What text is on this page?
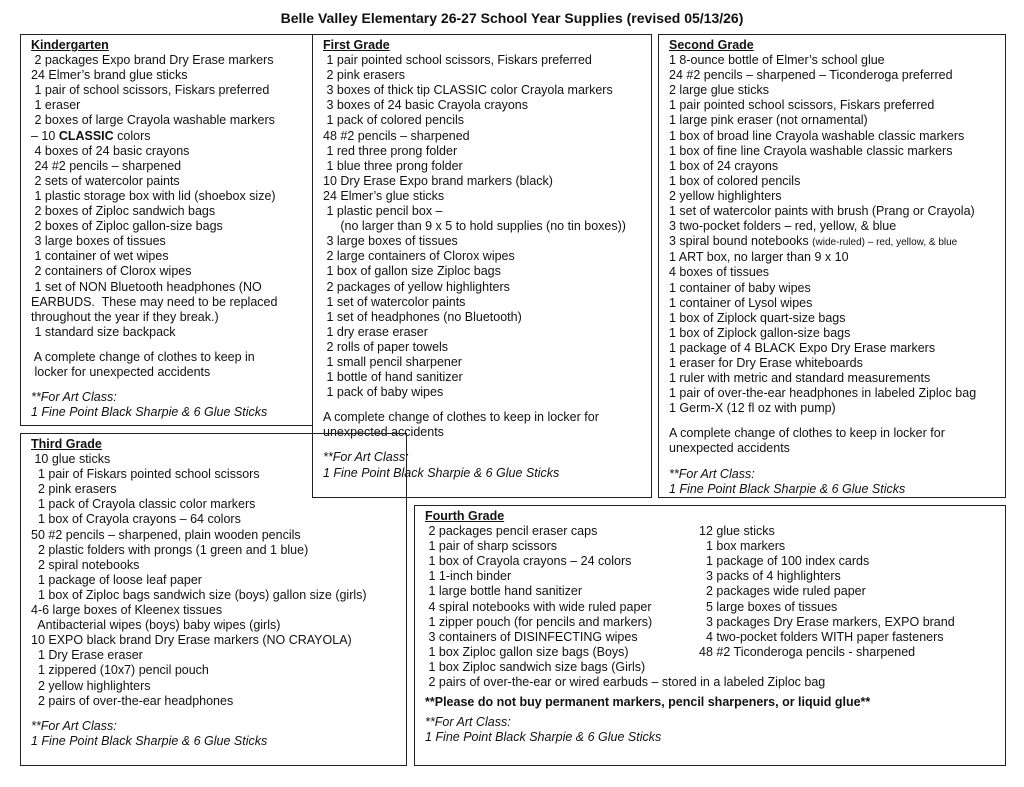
Belle Valley Elementary 26-27 School Year Supplies (revised 05/13/26)
Kindergarten
2 packages Expo brand Dry Erase markers
24 Elmer’s brand glue sticks
1 pair of school scissors, Fiskars preferred
1 eraser
2 boxes of large Crayola washable markers
– 10 CLASSIC colors
4 boxes of 24 basic crayons
24 #2 pencils – sharpened
2 sets of watercolor paints
1 plastic storage box with lid (shoebox size)
2 boxes of Ziploc sandwich bags
2 boxes of Ziploc gallon-size bags
3 large boxes of tissues
1 container of wet wipes
2 containers of Clorox wipes
1 set of NON Bluetooth headphones (NO
EARBUDS.  These may need to be replaced
throughout the year if they break.)
1 standard size backpack
A complete change of clothes to keep in
locker for unexpected accidents
**For Art Class:
1 Fine Point Black Sharpie & 6 Glue Sticks
First Grade
1 pair pointed school scissors, Fiskars preferred
2 pink erasers
3 boxes of thick tip CLASSIC color Crayola markers
3 boxes of 24 basic Crayola crayons
1 pack of colored pencils
48 #2 pencils – sharpened
1 red three prong folder
1 blue three prong folder
10 Dry Erase Expo brand markers (black)
24 Elmer’s glue sticks
1 plastic pencil box –
(no larger than 9 x 5 to hold supplies (no tin boxes))
3 large boxes of tissues
2 large containers of Clorox wipes
1 box of gallon size Ziploc bags
2 packages of yellow highlighters
1 set of watercolor paints
1 set of headphones (no Bluetooth)
1 dry erase eraser
2 rolls of paper towels
1 small pencil sharpener
1 bottle of hand sanitizer
1 pack of baby wipes
A complete change of clothes to keep in locker for
unexpected accidents
**For Art Class:
1 Fine Point Black Sharpie & 6 Glue Sticks
Second Grade
1 8-ounce bottle of Elmer’s school glue
24 #2 pencils – sharpened – Ticonderoga preferred
2 large glue sticks
1 pair pointed school scissors, Fiskars preferred
1 large pink eraser (not ornamental)
1 box of broad line Crayola washable classic markers
1 box of fine line Crayola washable classic markers
1 box of 24 crayons
1 box of colored pencils
2 yellow highlighters
1 set of watercolor paints with brush (Prang or Crayola)
3 two-pocket folders – red, yellow, & blue
3 spiral bound notebooks (wide-ruled) – red, yellow, & blue
1 ART box, no larger than 9 x 10
4 boxes of tissues
1 container of baby wipes
1 container of Lysol wipes
1 box of Ziplock quart-size bags
1 box of Ziplock gallon-size bags
1 package of 4 BLACK Expo Dry Erase markers
1 eraser for Dry Erase whiteboards
1 ruler with metric and standard measurements
1 pair of over-the-ear headphones in labeled Ziploc bag
1 Germ-X (12 fl oz with pump)
A complete change of clothes to keep in locker for
unexpected accidents
**For Art Class:
1 Fine Point Black Sharpie & 6 Glue Sticks
Third Grade
10 glue sticks
1 pair of Fiskars pointed school scissors
2 pink erasers
1 pack of Crayola classic color markers
1 box of Crayola crayons – 64 colors
50 #2 pencils – sharpened, plain wooden pencils
2 plastic folders with prongs (1 green and 1 blue)
2 spiral notebooks
1 package of loose leaf paper
1 box of Ziploc bags sandwich size (boys) gallon size (girls)
4-6 large boxes of Kleenex tissues
Antibacterial wipes (boys) baby wipes (girls)
10 EXPO black brand Dry Erase markers (NO CRAYOLA)
1 Dry Erase eraser
1 zippered (10x7) pencil pouch
2 yellow highlighters
2 pairs of over-the-ear headphones
**For Art Class:
1 Fine Point Black Sharpie & 6 Glue Sticks
Fourth Grade
2 packages pencil eraser caps
1 pair of sharp scissors
1 box of Crayola crayons – 24 colors
1 1-inch binder
1 large bottle hand sanitizer
4 spiral notebooks with wide ruled paper
1 zipper pouch (for pencils and markers)
3 containers of DISINFECTING wipes
1 box Ziploc gallon size bags (Boys)
1 box Ziploc sandwich size bags (Girls)
12 glue sticks
1 box markers
1 package of 100 index cards
3 packs of 4 highlighters
2 packages wide ruled paper
5 large boxes of tissues
3 packages Dry Erase markers, EXPO brand
4 two-pocket folders WITH paper fasteners
48 #2 Ticonderoga pencils - sharpened
2 pairs of over-the-ear or wired earbuds – stored in a labeled Ziploc bag
**Please do not buy permanent markers, pencil sharpeners, or liquid glue**
**For Art Class:
1 Fine Point Black Sharpie & 6 Glue Sticks
